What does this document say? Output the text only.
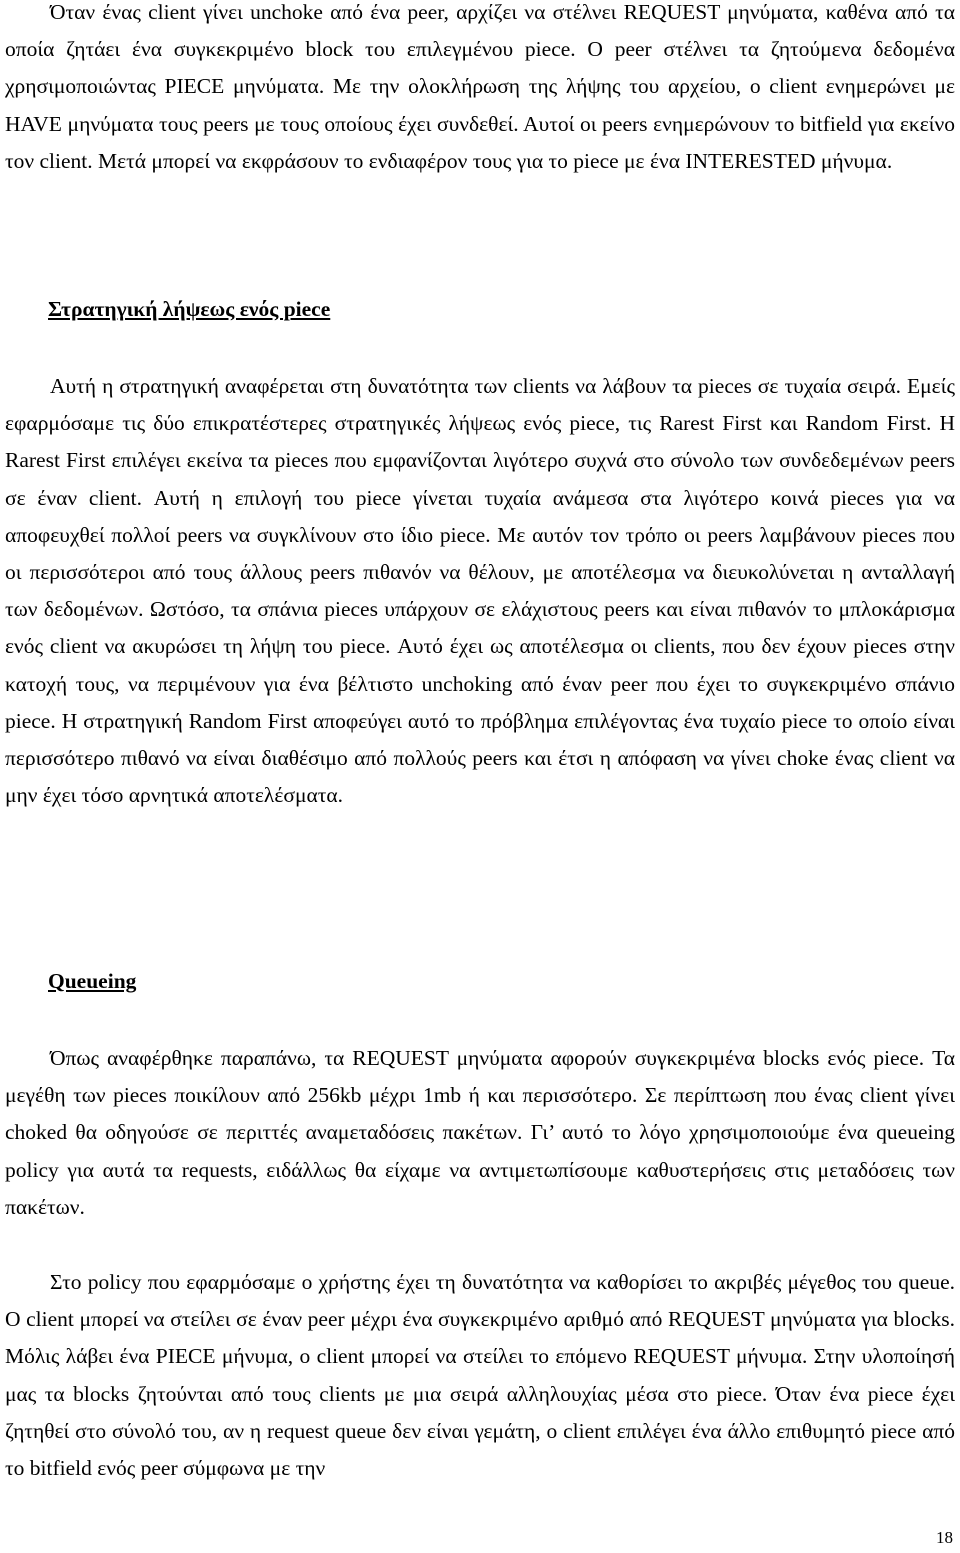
Όταν ένας client γίνει unchoke από ένα peer, αρχίζει να στέλνει REQUEST μηνύματα, καθένα από τα οποία ζητάει ένα συγκεκριμένο block του επιλεγμένου piece. Ο peer στέλνει τα ζητούμενα δεδομένα χρησιμοποιώντας PIECE μηνύματα. Με την ολοκλήρωση της λήψης του αρχείου, ο client ενημερώνει με HAVE μηνύματα τους peers με τους οποίους έχει συνδεθεί. Αυτοί οι peers ενημερώνουν το bitfield για εκείνο τον client. Μετά μπορεί να εκφράσουν το ενδιαφέρον τους για το piece με ένα INTERESTED μήνυμα.

Στρατηγική λήψεως ενός piece

Αυτή η στρατηγική αναφέρεται στη δυνατότητα των clients να λάβουν τα pieces σε τυχαία σειρά. Εμείς εφαρμόσαμε τις δύο επικρατέστερες στρατηγικές λήψεως ενός piece, τις Rarest First και Random First. Η Rarest First επιλέγει εκείνα τα pieces που εμφανίζονται λιγότερο συχνά στο σύνολο των συνδεδεμένων peers σε έναν client. Αυτή η επιλογή του piece γίνεται τυχαία ανάμεσα στα λιγότερο κοινά pieces για να αποφευχθεί πολλοί peers να συγκλίνουν στο ίδιο piece. Με αυτόν τον τρόπο οι peers λαμβάνουν pieces που οι περισσότεροι από τους άλλους peers πιθανόν να θέλουν, με αποτέλεσμα να διευκολύνεται η ανταλλαγή των δεδομένων. Ωστόσο, τα σπάνια pieces υπάρχουν σε ελάχιστους peers και είναι πιθανόν το μπλοκάρισμα ενός client να ακυρώσει τη λήψη του piece. Αυτό έχει ως αποτέλεσμα οι clients, που δεν έχουν pieces στην κατοχή τους, να περιμένουν για ένα βέλτιστο unchoking από έναν peer που έχει το συγκεκριμένο σπάνιο piece. Η στρατηγική Random First αποφεύγει αυτό το πρόβλημα επιλέγοντας ένα τυχαίο piece το οποίο είναι περισσότερο πιθανό να είναι διαθέσιμο από πολλούς peers και έτσι η απόφαση να γίνει choke ένας client να μην έχει τόσο αρνητικά αποτελέσματα.

Queueing

Όπως αναφέρθηκε παραπάνω, τα REQUEST μηνύματα αφορούν συγκεκριμένα blocks ενός piece. Τα μεγέθη των pieces ποικίλουν από 256kb μέχρι 1mb ή και περισσότερο. Σε περίπτωση που ένας client γίνει choked θα οδηγούσε σε περιττές αναμεταδόσεις πακέτων. Γι’ αυτό το λόγο χρησιμοποιούμε ένα queueing policy για αυτά τα requests, ειδάλλως θα είχαμε να αντιμετωπίσουμε καθυστερήσεις στις μεταδόσεις των πακέτων.

Στο policy που εφαρμόσαμε ο χρήστης έχει τη δυνατότητα να καθορίσει το ακριβές μέγεθος του queue. Ο client μπορεί να στείλει σε έναν peer μέχρι ένα συγκεκριμένο αριθμό από REQUEST μηνύματα για blocks. Μόλις λάβει ένα PIECE μήνυμα, ο client μπορεί να στείλει το επόμενο REQUEST μήνυμα. Στην υλοποίησή μας τα blocks ζητούνται από τους clients με μια σειρά αλληλουχίας μέσα στο piece. Όταν ένα piece έχει ζητηθεί στο σύνολό του, αν η request queue δεν είναι γεμάτη, ο client επιλέγει ένα άλλο επιθυμητό piece από το bitfield ενός peer σύμφωνα με την

18
